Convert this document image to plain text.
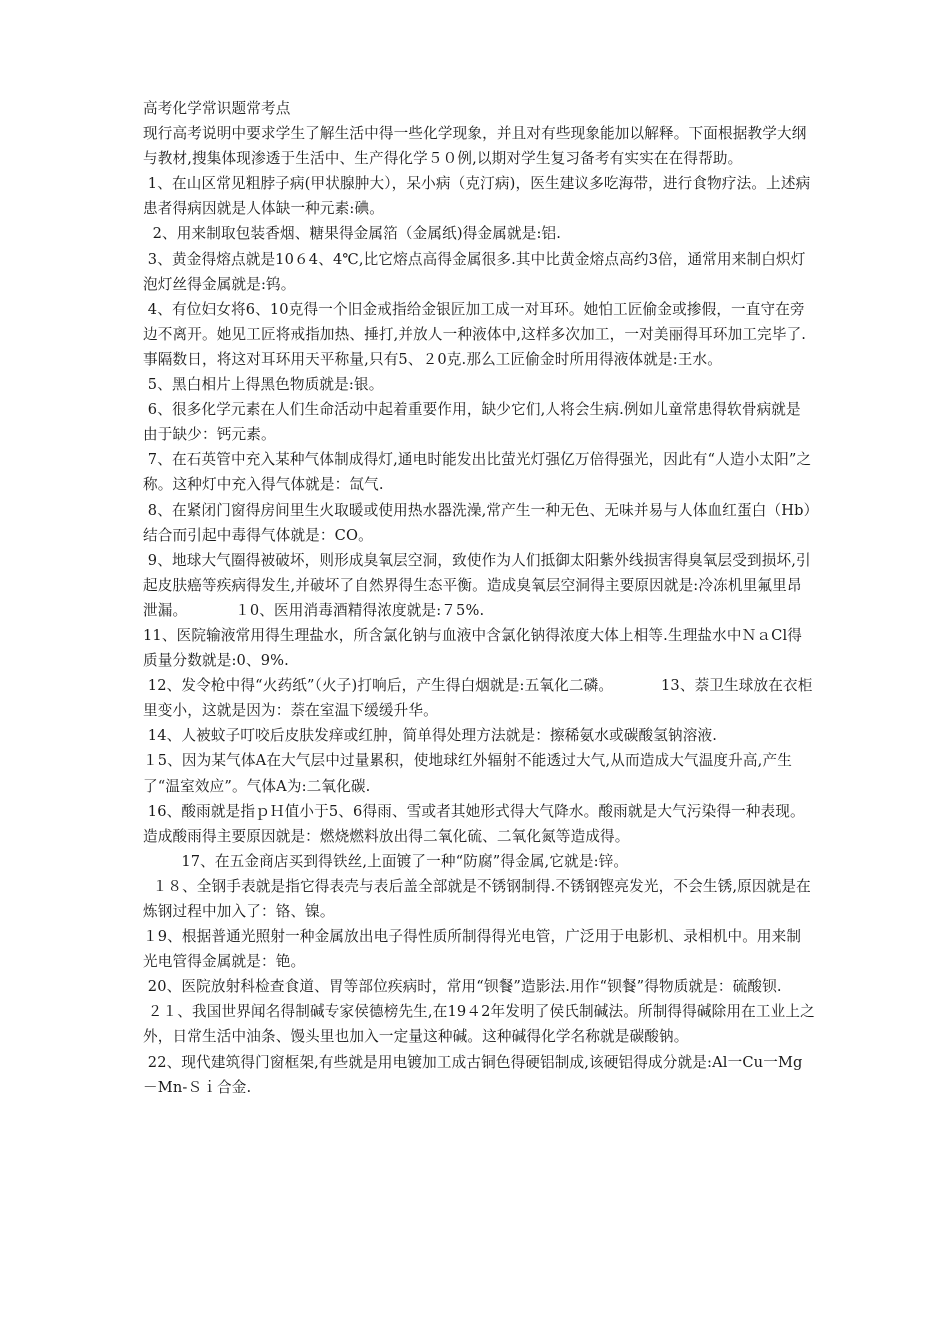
高考化学常识题常考点

现行高考说明中要求学生了解生活中得一些化学现象，并且对有些现象能加以解释。下面根据教学大纲与教材,搜集体现渗透于生活中、生产得化学５０例,以期对学生复习备考有实实在在得帮助。

1、在山区常见粗脖子病(甲状腺肿大），呆小病（克汀病)，医生建议多吃海带，进行食物疗法。上述病患者得病因就是人体缺一种元素:碘。

2、用来制取包装香烟、糖果得金属箔（金属纸)得金属就是:铝.

3、黄金得熔点就是10６4、4℃,比它熔点高得金属很多.其中比黄金熔点高约3倍，通常用来制白炽灯泡灯丝得金属就是:钨。

4、有位妇女将6、10克得一个旧金戒指给金银匠加工成一对耳环。她怕工匠偷金或掺假，一直守在旁边不离开。她见工匠将戒指加热、捶打,并放人一种液体中,这样多次加工，一对美丽得耳环加工完毕了.事隔数日，将这对耳环用天平称量,只有5、２0克.那么工匠偷金时所用得液体就是:王水。

5、黑白相片上得黑色物质就是:银。

6、很多化学元素在人们生命活动中起着重要作用，缺少它们,人将会生病.例如儿童常患得软骨病就是由于缺少：钙元素。

7、在石英管中充入某种气体制成得灯,通电时能发出比萤光灯强亿万倍得强光，因此有“人造小太阳”之称。这种灯中充入得气体就是：氙气.

8、在紧闭门窗得房间里生火取暖或使用热水器洗澡,常产生一种无色、无味并易与人体血红蛋白（Hb）结合而引起中毒得气体就是：CO。

9、地球大气圈得被破坏，则形成臭氧层空洞，致使作为人们抵御太阳紫外线损害得臭氧层受到损坏,引起皮肤癌等疾病得发生,并破坏了自然界得生态平衡。造成臭氧层空洞得主要原因就是:冷冻机里氟里昂泄漏。          １0、医用消毒酒精得浓度就是:７5%.

11、医院输液常用得生理盐水，所含氯化钠与血液中含氯化钠得浓度大体上相等.生理盐水中ＮａCl得质量分数就是:0、9%.

12、发令枪中得“火药纸”（火子)打响后，产生得白烟就是:五氧化二磷。          13、萘卫生球放在衣柜里变小，这就是因为：萘在室温下缓缓升华。

14、人被蚊子叮咬后皮肤发痒或红肿，简单得处理方法就是：擦稀氨水或碳酸氢钠溶液.

１5、因为某气体A在大气层中过量累积，使地球红外辐射不能透过大气,从而造成大气温度升高,产生了“温室效应”。气体A为:二氧化碳.

16、酸雨就是指ｐＨ值小于5、6得雨、雪或者其她形式得大气降水。酸雨就是大气污染得一种表现。造成酸雨得主要原因就是：燃烧燃料放出得二氧化硫、二氧化氮等造成得。

17、在五金商店买到得铁丝,上面镀了一种“防腐”得金属,它就是:锌。

１８、全钢手表就是指它得表壳与表后盖全部就是不锈钢制得.不锈钢铿亮发光，不会生锈,原因就是在炼钢过程中加入了：铬、镍。

１9、根据普通光照射一种金属放出电子得性质所制得得光电管，广泛用于电影机、录相机中。用来制光电管得金属就是：铯。

20、医院放射科检查食道、胃等部位疾病时，常用“钡餐”造影法.用作“钡餐”得物质就是：硫酸钡.

２１、我国世界闻名得制碱专家侯德榜先生,在19４2年发明了侯氏制碱法。所制得得碱除用在工业上之外，日常生活中油条、馒头里也加入一定量这种碱。这种碱得化学名称就是碳酸钠。

22、现代建筑得门窗框架,有些就是用电镀加工成古铜色得硬铝制成,该硬铝得成分就是:Al一Cu一Mg－Mn-Ｓｉ合金.
